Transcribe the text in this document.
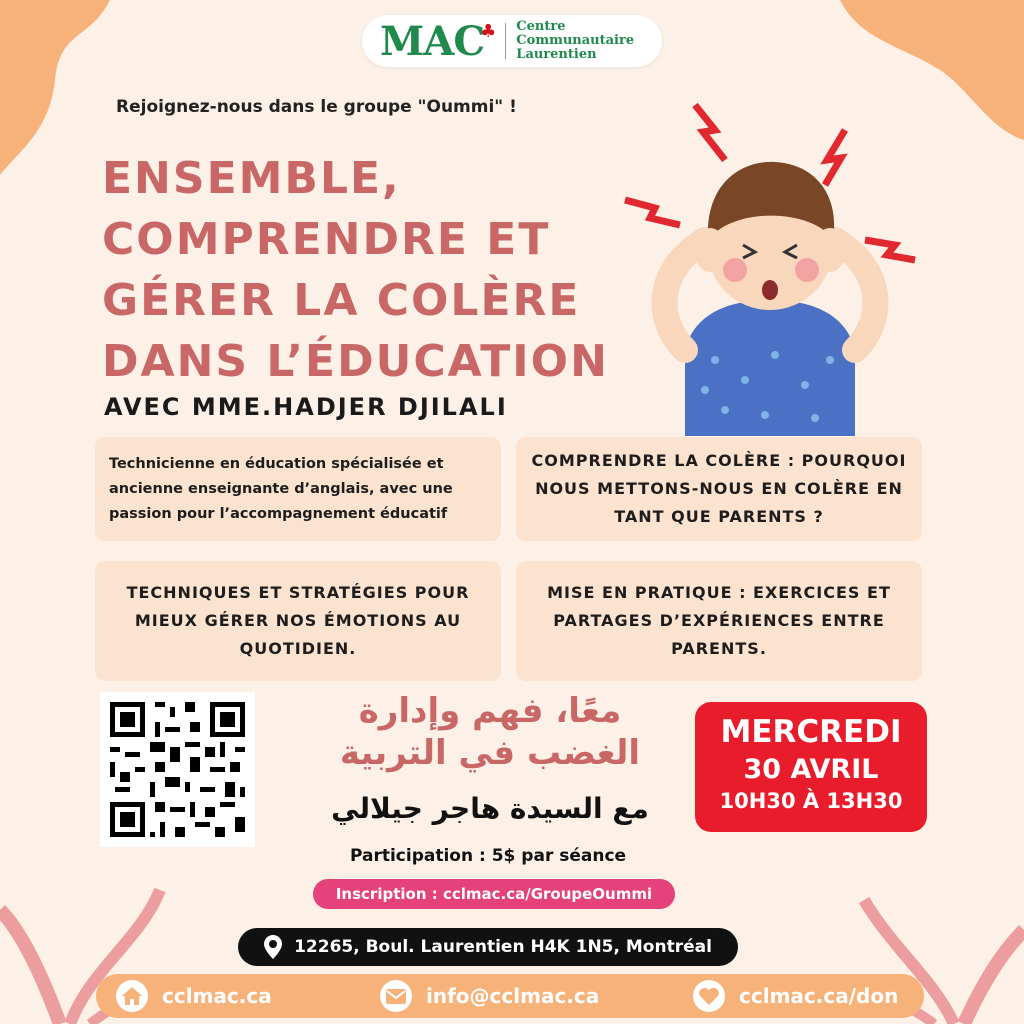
MAC
♣ Centre
Communautaire
Laurentien
Rejoignez-nous dans le groupe "Oummi" !
ENSEMBLE,
COMPRENDRE ET
GÉRER LA COLÈRE
DANS L’ÉDUCATION
AVEC MME.HADJER DJILALI
Technicienne en éducation spécialisée et
ancienne enseignante d’anglais, avec une
passion pour l’accompagnement éducatif
COMPRENDRE LA COLÈRE : POURQUOI
NOUS METTONS-NOUS EN COLÈRE EN
TANT QUE PARENTS ?
TECHNIQUES ET STRATÉGIES POUR
MIEUX GÉRER NOS ÉMOTIONS AU
QUOTIDIEN.
MISE EN PRATIQUE : EXERCICES ET
PARTAGES D’EXPÉRIENCES ENTRE
PARENTS.
معًا، فهم وإدارة
الغضب في التربية
مع السيدة هاجر جيلالي
MERCREDI
30 AVRIL
10H30 À 13H30
Participation : 5$ par séance
Inscription : cclmac.ca/GroupeOummi
12265, Boul. Laurentien H4K 1N5, Montréal
cclmac.ca	info@cclmac.ca	cclmac.ca/don
